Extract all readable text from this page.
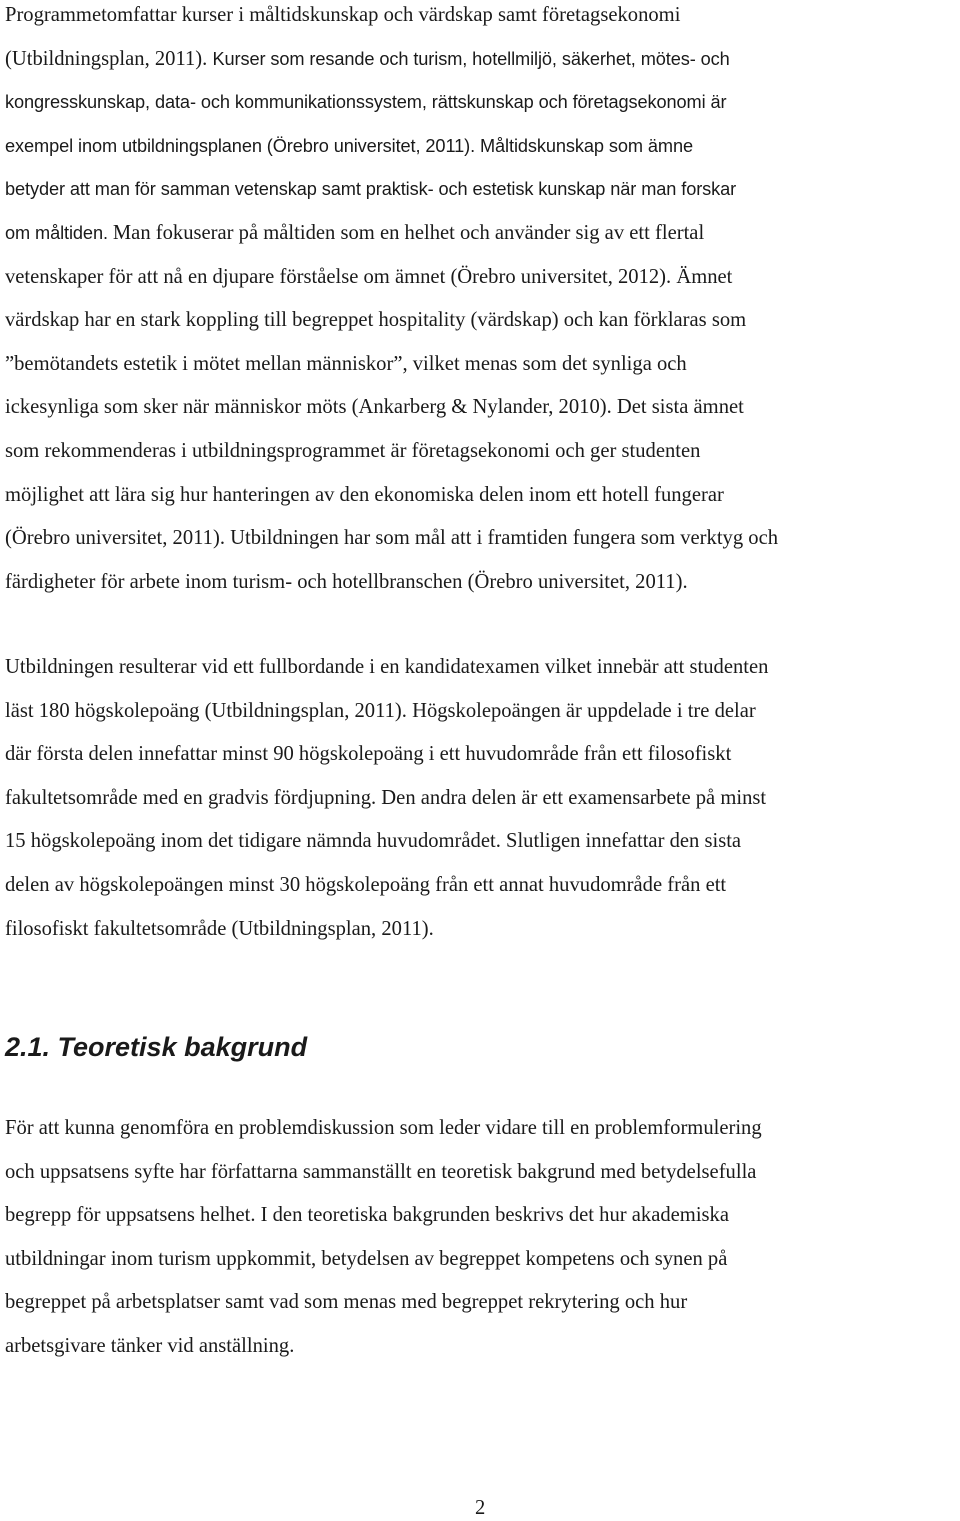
Programmetomfattar kurser i måltidskunskap och värdskap samt företagsekonomi
(Utbildningsplan, 2011). Kurser som resande och turism, hotellmiljö, säkerhet, mötes- och
kongresskunskap, data- och kommunikationssystem, rättskunskap och företagsekonomi är
exempel inom utbildningsplanen (Örebro universitet, 2011). Måltidskunskap som ämne
betyder att man för samman vetenskap samt praktisk- och estetisk kunskap när man forskar
om måltiden. Man fokuserar på måltiden som en helhet och använder sig av ett flertal
vetenskaper för att nå en djupare förståelse om ämnet (Örebro universitet, 2012). Ämnet
värdskap har en stark koppling till begreppet hospitality (värdskap) och kan förklaras som
”bemötandets estetik i mötet mellan människor”, vilket menas som det synliga och
ickesynliga som sker när människor möts (Ankarberg & Nylander, 2010). Det sista ämnet
som rekommenderas i utbildningsprogrammet är företagsekonomi och ger studenten
möjlighet att lära sig hur hanteringen av den ekonomiska delen inom ett hotell fungerar
(Örebro universitet, 2011). Utbildningen har som mål att i framtiden fungera som verktyg och
färdigheter för arbete inom turism- och hotellbranschen (Örebro universitet, 2011).
Utbildningen resulterar vid ett fullbordande i en kandidatexamen vilket innebär att studenten
läst 180 högskolepoäng (Utbildningsplan, 2011). Högskolepoängen är uppdelade i tre delar
där första delen innefattar minst 90 högskolepoäng i ett huvudområde från ett filosofiskt
fakultetsområde med en gradvis fördjupning. Den andra delen är ett examensarbete på minst
15 högskolepoäng inom det tidigare nämnda huvudområdet. Slutligen innefattar den sista
delen av högskolepoängen minst 30 högskolepoäng från ett annat huvudområde från ett
filosofiskt fakultetsområde (Utbildningsplan, 2011).
2.1. Teoretisk bakgrund
För att kunna genomföra en problemdiskussion som leder vidare till en problemformulering
och uppsatsens syfte har författarna sammanställt en teoretisk bakgrund med betydelsefulla
begrepp för uppsatsens helhet. I den teoretiska bakgrunden beskrivs det hur akademiska
utbildningar inom turism uppkommit, betydelsen av begreppet kompetens och synen på
begreppet på arbetsplatser samt vad som menas med begreppet rekrytering och hur
arbetsgivare tänker vid anställning.
2
